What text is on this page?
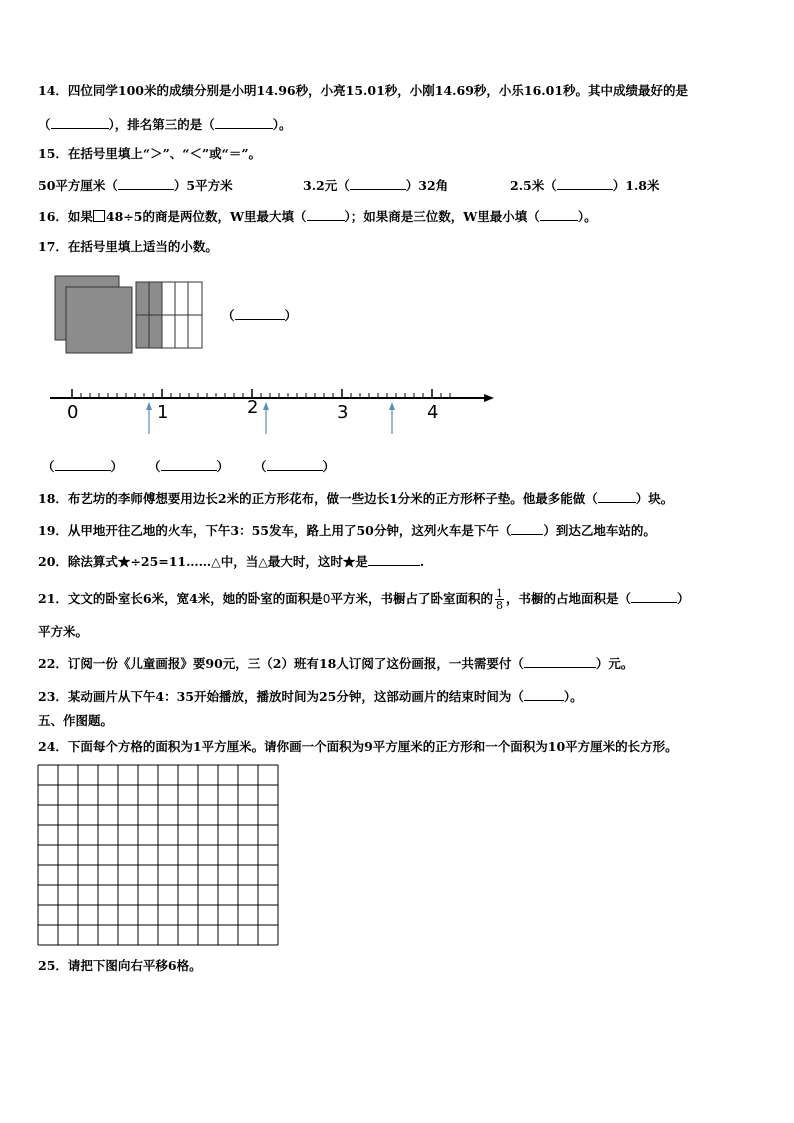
14．四位同学100米的成绩分别是小明14.96秒，小亮15.01秒，小刚14.69秒，小乐16.01秒。其中成绩最好的是
（	），排名第三的是（	）。
15．在括号里填上“＞”、“＜”或“＝”。
50平方厘米（	）5平方米	3.2元（	）32角	2.5米（	）1.8米
16．如果 48÷5的商是两位数，W里最大填（	）；如果商是三位数，W里最小填（	）。
17．在括号里填上适当的小数。
（	）
0	1	2	3	4
（	） （	） （	）
18．布艺坊的李师傅想要用边长2米的正方形花布，做一些边长1分米的正方形杯子垫。他最多能做（	）块。
19．从甲地开往乙地的火车，下午3：55发车，路上用了50分钟，这列火车是下午（	）到达乙地车站的。
20．除法算式★÷25=11……△中，当△最大时，这时★是	.
21．文文的卧室长6米，宽4米，她的卧室的面积是0平方米，书橱占了卧室面积的 $\frac{1}{8}$ ，书橱的占地面积是（	）
平方米。
22．订阅一份《儿童画报》要90元，三（2）班有18人订阅了这份画报，一共需要付（	）元。
23．某动画片从下午4：35开始播放，播放时间为25分钟，这部动画片的结束时间为（	）。
五、作图题。
24．下面每个方格的面积为1平方厘米。请你画一个面积为9平方厘米的正方形和一个面积为10平方厘米的长方形。
25．请把下图向右平移6格。
